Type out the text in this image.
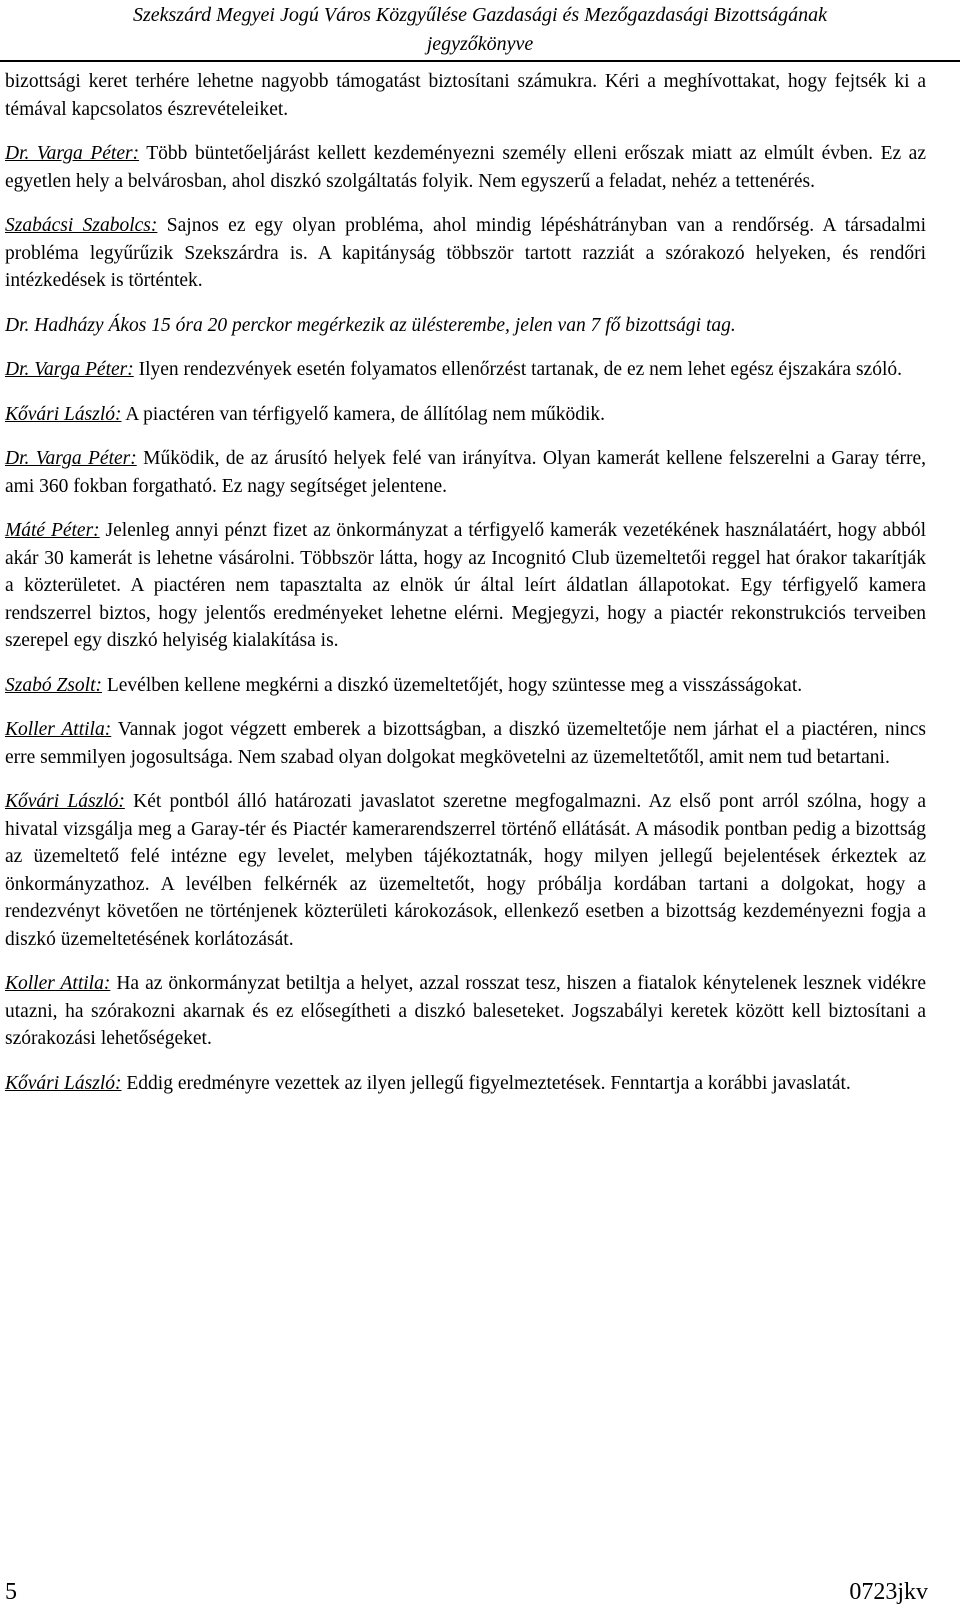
Szekszárd Megyei Jogú Város Közgyűlése Gazdasági és Mezőgazdasági Bizottságának
jegyzőkönyve

bizottsági keret terhére lehetne nagyobb támogatást biztosítani számukra. Kéri a meghívottakat, hogy fejtsék ki a témával kapcsolatos észrevételeiket.

Dr. Varga Péter: Több büntetőeljárást kellett kezdeményezni személy elleni erőszak miatt az elmúlt évben. Ez az egyetlen hely a belvárosban, ahol diszkó szolgáltatás folyik. Nem egyszerű a feladat, nehéz a tettenérés.

Szabácsi Szabolcs: Sajnos ez egy olyan probléma, ahol mindig lépéshátrányban van a rendőrség. A társadalmi probléma legyűrűzik Szekszárdra is. A kapitányság többször tartott razziát a szórakozó helyeken, és rendőri intézkedések is történtek.

Dr. Hadházy Ákos 15 óra 20 perckor megérkezik az ülésterembe, jelen van 7 fő bizottsági tag.

Dr. Varga Péter: Ilyen rendezvények esetén folyamatos ellenőrzést tartanak, de ez nem lehet egész éjszakára szóló.

Kővári László: A piactéren van térfigyelő kamera, de állítólag nem működik.

Dr. Varga Péter: Működik, de az árusító helyek felé van irányítva. Olyan kamerát kellene felszerelni a Garay térre, ami 360 fokban forgatható. Ez nagy segítséget jelentene.

Máté Péter: Jelenleg annyi pénzt fizet az önkormányzat a térfigyelő kamerák vezetékének használatáért, hogy abból akár 30 kamerát is lehetne vásárolni. Többször látta, hogy az Incognitó Club üzemeltetői reggel hat órakor takarítják a közterületet. A piactéren nem tapasztalta az elnök úr által leírt áldatlan állapotokat. Egy térfigyelő kamera rendszerrel biztos, hogy jelentős eredményeket lehetne elérni. Megjegyzi, hogy a piactér rekonstrukciós terveiben szerepel egy diszkó helyiség kialakítása is.

Szabó Zsolt: Levélben kellene megkérni a diszkó üzemeltetőjét, hogy szüntesse meg a visszásságokat.

Koller Attila: Vannak jogot végzett emberek a bizottságban, a diszkó üzemeltetője nem járhat el a piactéren, nincs erre semmilyen jogosultsága. Nem szabad olyan dolgokat megkövetelni az üzemeltetőtől, amit nem tud betartani.

Kővári László: Két pontból álló határozati javaslatot szeretne megfogalmazni. Az első pont arról szólna, hogy a hivatal vizsgálja meg a Garay-tér és Piactér kamerarendszerrel történő ellátását. A második pontban pedig a bizottság az üzemeltető felé intézne egy levelet, melyben tájékoztatnák, hogy milyen jellegű bejelentések érkeztek az önkormányzathoz. A levélben felkérnék az üzemeltetőt, hogy próbálja kordában tartani a dolgokat, hogy a rendezvényt követően ne történjenek közterületi károkozások, ellenkező esetben a bizottság kezdeményezni fogja a diszkó üzemeltetésének korlátozását.

Koller Attila: Ha az önkormányzat betiltja a helyet, azzal rosszat tesz, hiszen a fiatalok kénytelenek lesznek vidékre utazni, ha szórakozni akarnak és ez elősegítheti a diszkó baleseteket. Jogszabályi keretek között kell biztosítani a szórakozási lehetőségeket.

Kővári László: Eddig eredményre vezettek az ilyen jellegű figyelmeztetések. Fenntartja a korábbi javaslatát.

5	0723jkv
